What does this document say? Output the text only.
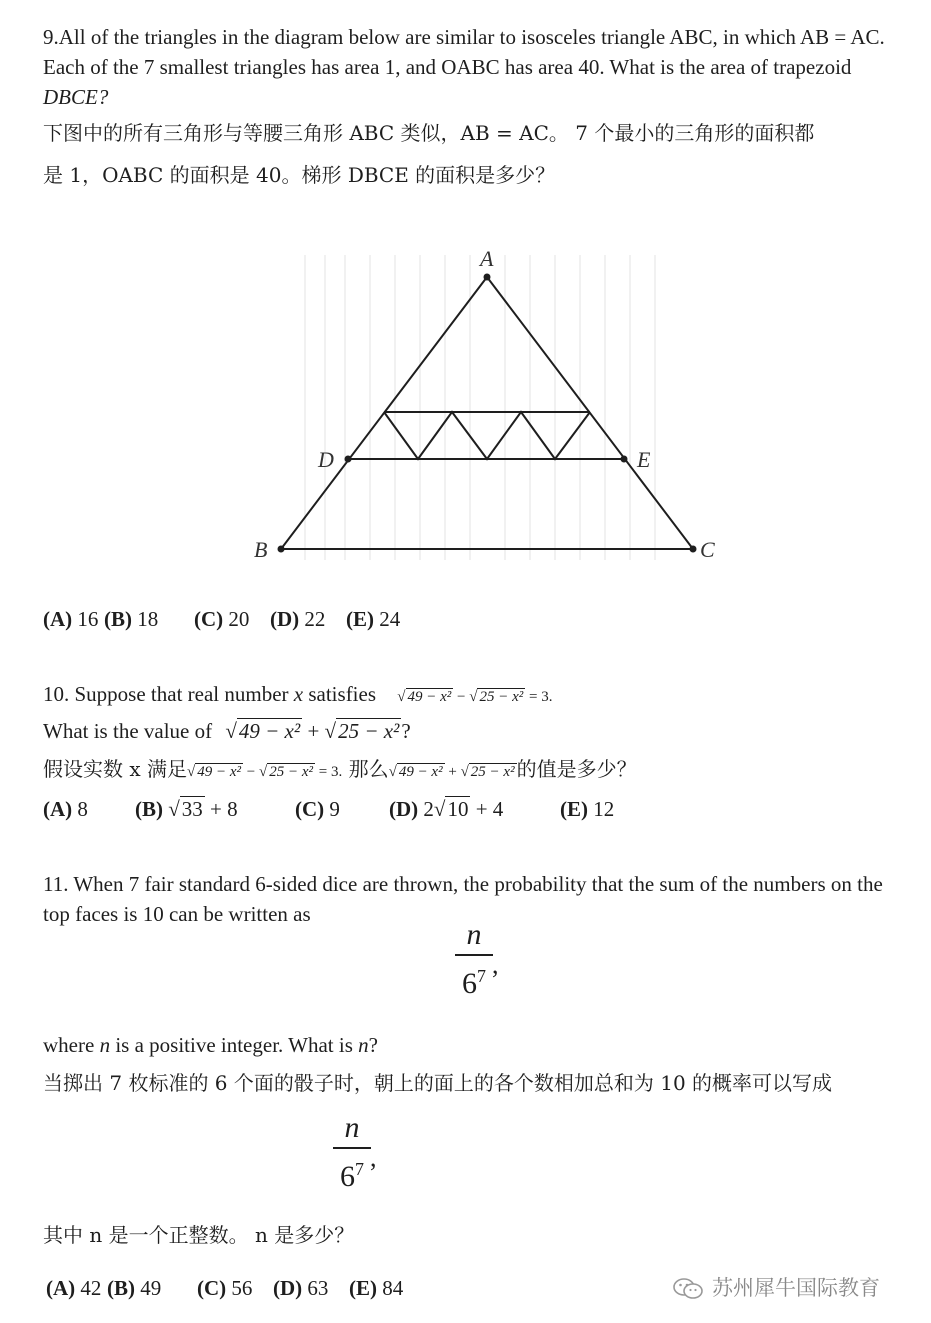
9.All of the triangles in the diagram below are similar to isosceles triangle ABC, in which AB = AC.
Each of the 7 smallest triangles has area 1, and OABC has area 40. What is the area of trapezoid
DBCE?
下图中的所有三角形与等腰三角形 ABC 类似，AB = AC。 7 个最小的三角形的面积都
是 1，OABC 的面积是 40。梯形 DBCE 的面积是多少？
A
B	C
D	E
(A) 16 (B) 18 (C) 20 (D) 22 (E) 24
10. Suppose that real number x satisfies √ 49 − x² − √ 25 − x² = 3.
What is the value of √49 − x² + √25 − x²?
假设实数 x 满足√ 49 − x² − √ 25 − x² = 3. 那么√ 49 − x² + √ 25 − x² 的值是多少？
(A) 8 (B) √33 + 8	(C) 9 (D) 2√10 + 4	(E) 12
11. When 7 fair standard 6-sided dice are thrown, the probability that the sum of the numbers on the
top faces is 10 can be written as
n
$6^7$ ,
where n is a positive integer. What is n?
当掷出 7 枚标准的 6 个面的骰子时，朝上的面上的各个数相加总和为 10 的概率可以写成
n
$6^7$ ,
其中 n 是一个正整数。 n 是多少？
(A) 42 (B) 49 (C) 56 (D) 63 (E) 84	苏州犀牛国际教育
